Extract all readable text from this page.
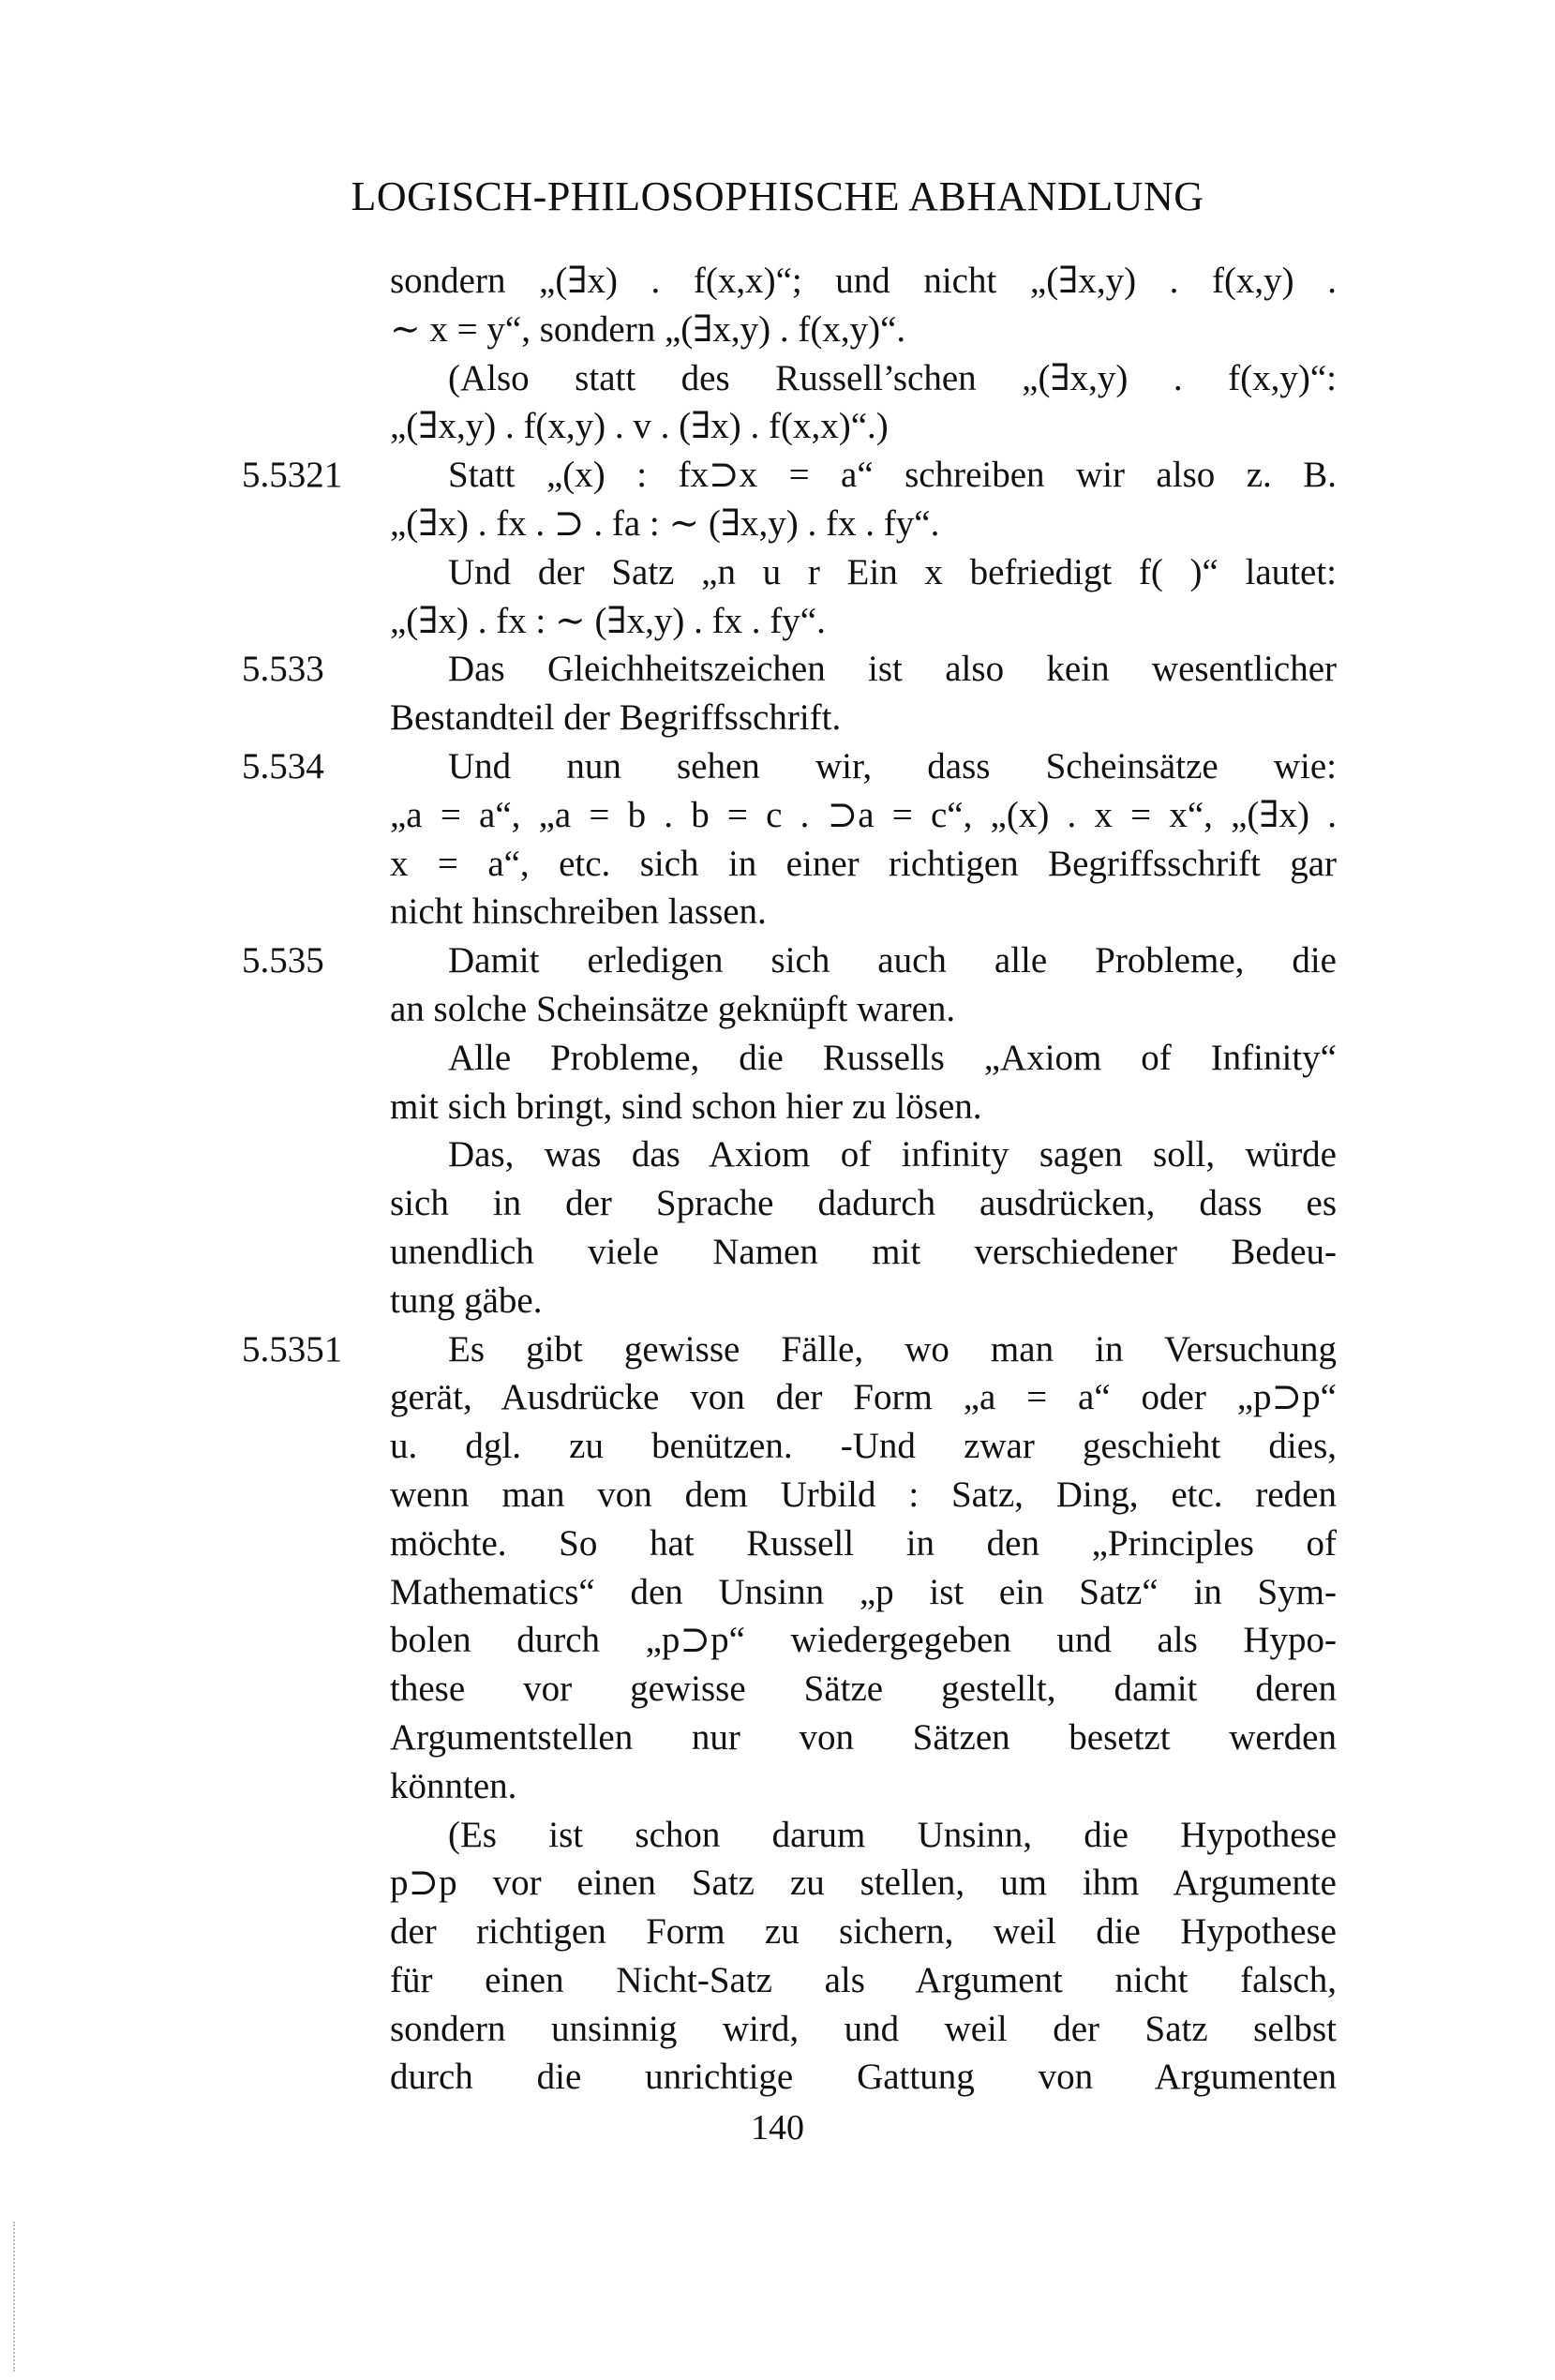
LOGISCH-PHILOSOPHISCHE ABHANDLUNG
sondern „(∃x) . f(x,x)“; und nicht „(∃x,y) . f(x,y) .
∼ x = y“, sondern „(∃x,y) . f(x,y)“.
(Also statt des Russell’schen „(∃x,y) . f(x,y)“:
„(∃x,y) . f(x,y) . v . (∃x) . f(x,x)“.)
5.5321	Statt „(x) : fx⊃x = a“ schreiben wir also z. B.
„(∃x) . fx . ⊃ . fa : ∼ (∃x,y) . fx . fy“.
Und der Satz „n u r Ein x befriedigt f( )“ lautet:
„(∃x) . fx : ∼ (∃x,y) . fx . fy“.
5.533	Das Gleichheitszeichen ist also kein wesentlicher
Bestandteil der Begriffsschrift.
5.534	Und nun sehen wir, dass Scheinsätze wie:
„a = a“, „a = b . b = c . ⊃a = c“, „(x) . x = x“, „(∃x) .
x = a“, etc. sich in einer richtigen Begriffsschrift gar
nicht hinschreiben lassen.
5.535	Damit erledigen sich auch alle Probleme, die
an solche Scheinsätze geknüpft waren.
Alle Probleme, die Russells „Axiom of Infinity“
mit sich bringt, sind schon hier zu lösen.
Das, was das Axiom of infinity sagen soll, würde
sich in der Sprache dadurch ausdrücken, dass es
unendlich viele Namen mit verschiedener Bedeu-
tung gäbe.
5.5351	Es gibt gewisse Fälle, wo man in Versuchung
gerät, Ausdrücke von der Form „a = a“ oder „p⊃p“
u. dgl. zu benützen. -Und zwar geschieht dies,
wenn man von dem Urbild : Satz, Ding, etc. reden
möchte. So hat Russell in den „Principles of
Mathematics“ den Unsinn „p ist ein Satz“ in Sym-
bolen durch „p⊃p“ wiedergegeben und als Hypo-
these vor gewisse Sätze gestellt, damit deren
Argumentstellen nur von Sätzen besetzt werden
könnten.
(Es ist schon darum Unsinn, die Hypothese
p⊃p vor einen Satz zu stellen, um ihm Argumente
der richtigen Form zu sichern, weil die Hypothese
für einen Nicht-Satz als Argument nicht falsch,
sondern unsinnig wird, und weil der Satz selbst
durch die unrichtige Gattung von Argumenten
140
